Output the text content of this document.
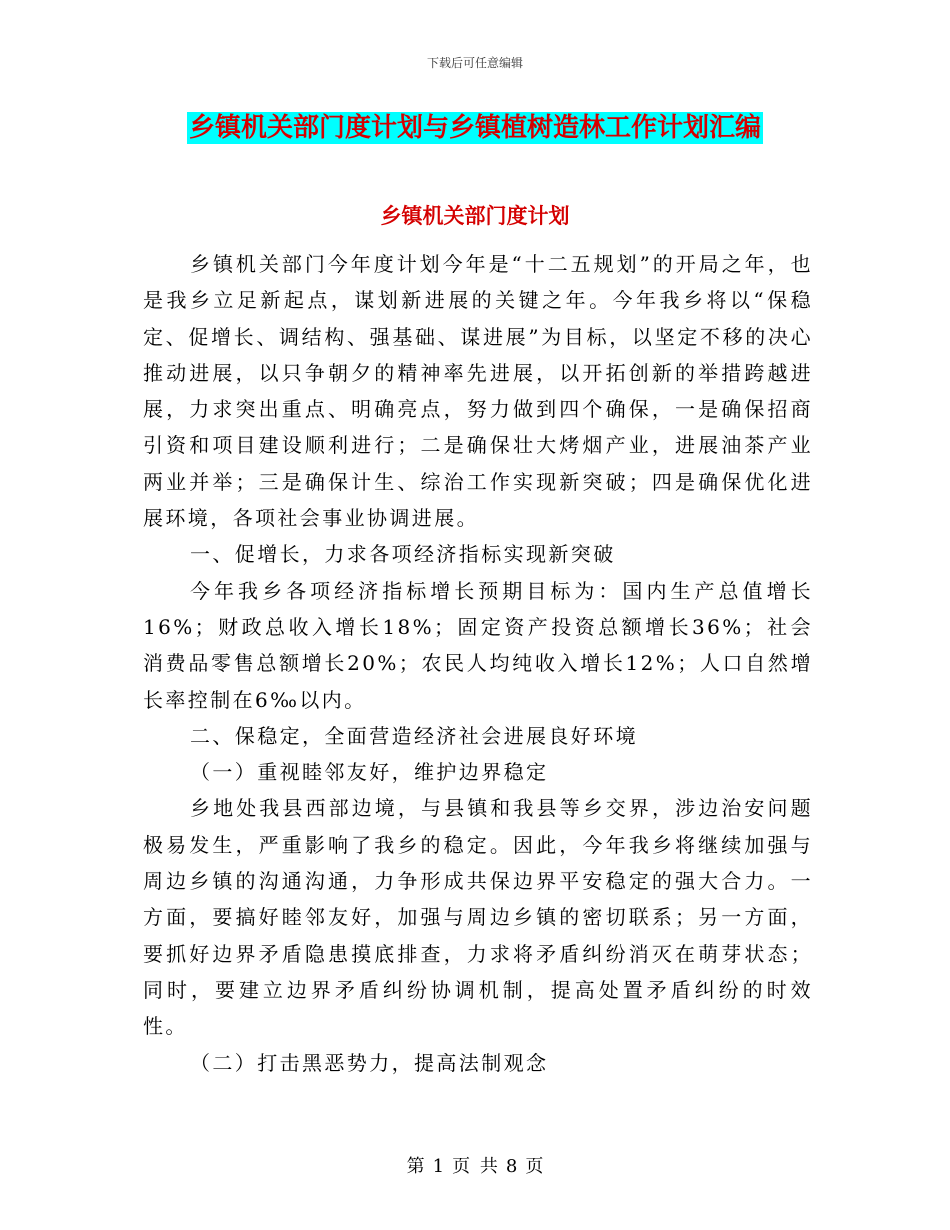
下载后可任意编辑
乡镇机关部门度计划与乡镇植树造林工作计划汇编
乡镇机关部门度计划

乡镇机关部门今年度计划今年是“十二五规划”的开局之年，也是我乡立足新起点，谋划新进展的关键之年。今年我乡将以“保稳定、促增长、调结构、强基础、谋进展”为目标，以坚定不移的决心推动进展，以只争朝夕的精神率先进展，以开拓创新的举措跨越进展，力求突出重点、明确亮点，努力做到四个确保，一是确保招商引资和项目建设顺利进行；二是确保壮大烤烟产业，进展油茶产业两业并举；三是确保计生、综治工作实现新突破；四是确保优化进展环境，各项社会事业协调进展。

一、促增长，力求各项经济指标实现新突破

今年我乡各项经济指标增长预期目标为：国内生产总值增长16%；财政总收入增长18%；固定资产投资总额增长36%；社会消费品零售总额增长20%；农民人均纯收入增长12%；人口自然增长率控制在6‰以内。

二、保稳定，全面营造经济社会进展良好环境

（一）重视睦邻友好，维护边界稳定

乡地处我县西部边境，与县镇和我县等乡交界，涉边治安问题极易发生，严重影响了我乡的稳定。因此，今年我乡将继续加强与周边乡镇的沟通沟通，力争形成共保边界平安稳定的强大合力。一方面，要搞好睦邻友好，加强与周边乡镇的密切联系；另一方面，要抓好边界矛盾隐患摸底排查，力求将矛盾纠纷消灭在萌芽状态；同时，要建立边界矛盾纠纷协调机制，提高处置矛盾纠纷的时效性。

（二）打击黑恶势力，提高法制观念

第 1 页 共 8 页
